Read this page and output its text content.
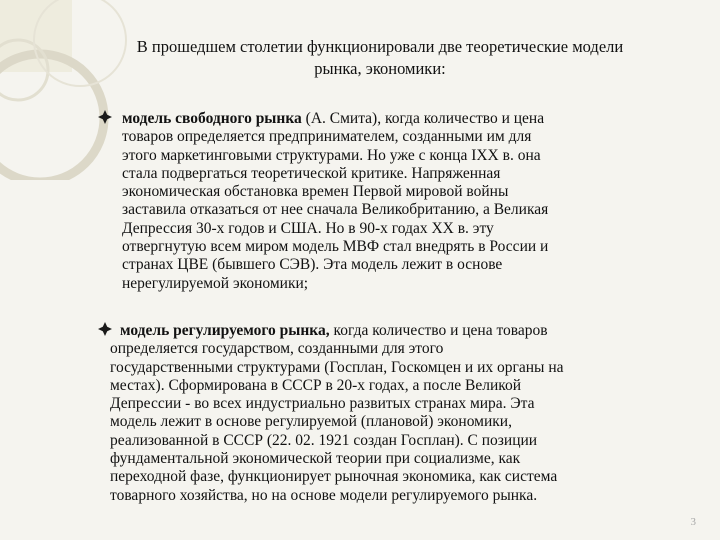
В прошедшем столетии функционировали две теоретические модели
рынка, экономики:
модель свободного рынка (А. Смита), когда количество и цена
товаров определяется предпринимателем, созданными им для
этого маркетинговыми структурами. Но уже с конца IХХ в. она
стала подвергаться теоретической критике. Напряженная
экономическая обстановка времен Первой мировой войны
заставила отказаться от нее сначала Великобританию, а Великая
Депрессия 30-х годов и США. Но в 90-х годах XX в. эту
отвергнутую всем миром модель МВФ стал внедрять в России и
странах ЦВЕ (бывшего СЭВ). Эта модель лежит в основе
нерегулируемой экономики;
модель регулируемого рынка, когда количество и цена товаров
определяется государством, созданными для этого
государственными структурами (Госплан, Госкомцен и их органы на
местах). Сформирована в СССР в 20-х годах, а после Великой
Депрессии - во всех индустриально развитых странах мира. Эта
модель лежит в основе регулируемой (плановой) экономики,
реализованной в СССР (22. 02. 1921 создан Госплан). С позиции
фундаментальной экономической теории при социализме, как
переходной фазе, функционирует рыночная экономика, как система
товарного хозяйства, но на основе модели регулируемого рынка.
3
